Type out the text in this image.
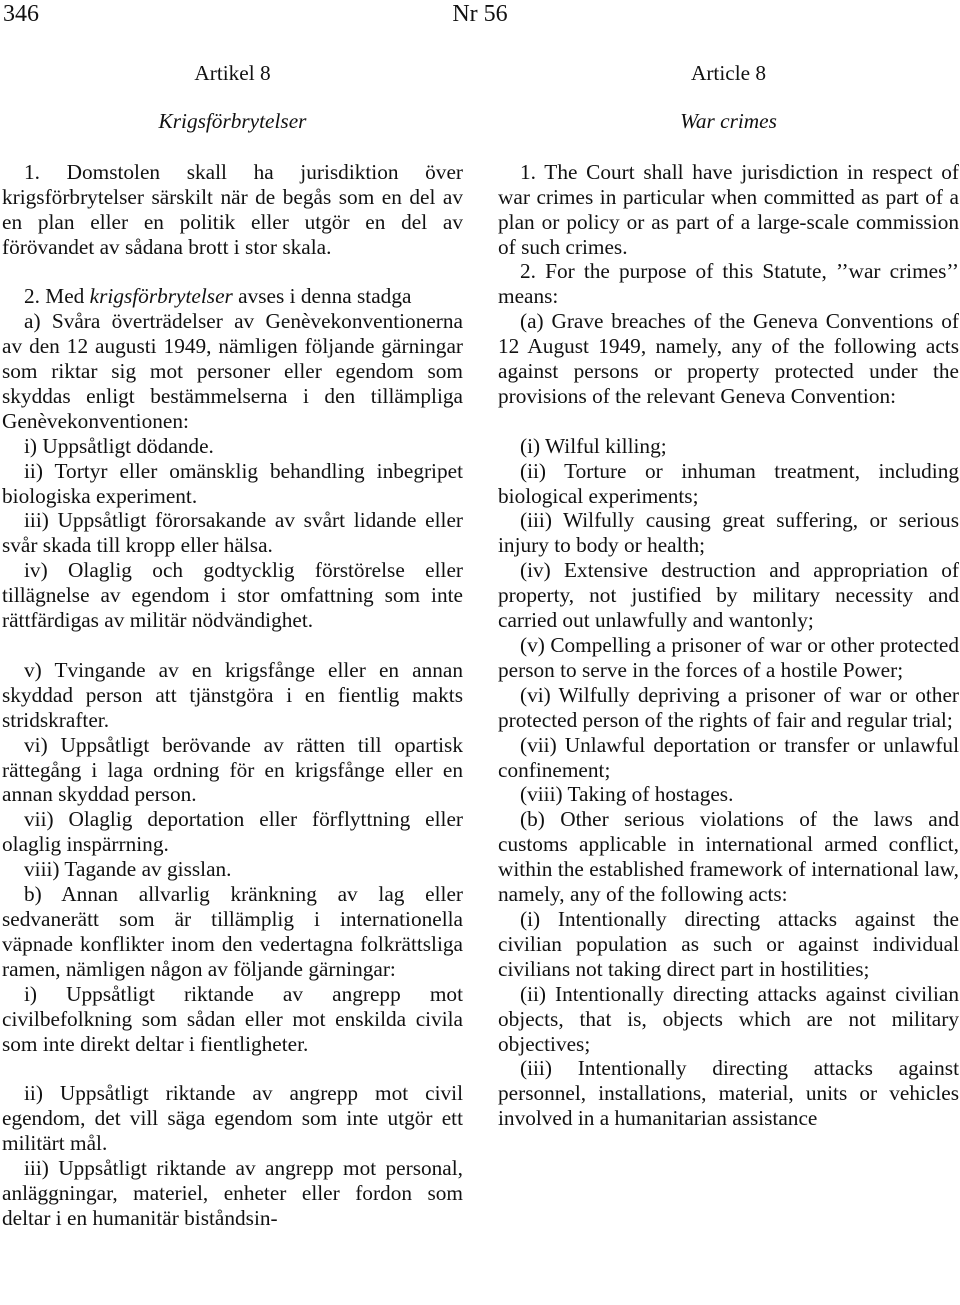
346	Nr 56

Artikel 8

Krigsförbrytelser

1. Domstolen skall ha jurisdiktion över krigsförbrytelser särskilt när de begås som en del av en plan eller en politik eller utgör en del av förövandet av sådana brott i stor skala.

2. Med krigsförbrytelser avses i denna stadga

a) Svåra överträdelser av Genèvekonventionerna av den 12 augusti 1949, nämligen följande gärningar som riktar sig mot personer eller egendom som skyddas enligt bestämmelserna i den tillämpliga Genèvekonventionen:

i) Uppsåtligt dödande.

ii) Tortyr eller omänsklig behandling inbegripet biologiska experiment.

iii) Uppsåtligt förorsakande av svårt lidande eller svår skada till kropp eller hälsa.

iv) Olaglig och godtycklig förstörelse eller tillägnelse av egendom i stor omfattning som inte rättfärdigas av militär nödvändighet.

v) Tvingande av en krigsfånge eller en annan skyddad person att tjänstgöra i en fientlig makts stridskrafter.

vi) Uppsåtligt berövande av rätten till opartisk rättegång i laga ordning för en krigsfånge eller en annan skyddad person.

vii) Olaglig deportation eller förflyttning eller olaglig inspärrning.

viii) Tagande av gisslan.

b) Annan allvarlig kränkning av lag eller sedvanerätt som är tillämplig i internationella väpnade konflikter inom den vedertagna folkrättsliga ramen, nämligen någon av följande gärningar:

i) Uppsåtligt riktande av angrepp mot civilbefolkning som sådan eller mot enskilda civila som inte direkt deltar i fientligheter.

ii) Uppsåtligt riktande av angrepp mot civil egendom, det vill säga egendom som inte utgör ett militärt mål.

iii) Uppsåtligt riktande av angrepp mot personal, anläggningar, materiel, enheter eller fordon som deltar i en humanitär biståndsin-

Article 8

War crimes

1. The Court shall have jurisdiction in respect of war crimes in particular when committed as part of a plan or policy or as part of a large-scale commission of such crimes.

2. For the purpose of this Statute, ’’war crimes’’ means:

(a) Grave breaches of the Geneva Conventions of 12 August 1949, namely, any of the following acts against persons or property protected under the provisions of the relevant Geneva Convention:

(i) Wilful killing;

(ii) Torture or inhuman treatment, including biological experiments;

(iii) Wilfully causing great suffering, or serious injury to body or health;

(iv) Extensive destruction and appropriation of property, not justified by military necessity and carried out unlawfully and wantonly;

(v) Compelling a prisoner of war or other protected person to serve in the forces of a hostile Power;

(vi) Wilfully depriving a prisoner of war or other protected person of the rights of fair and regular trial;

(vii) Unlawful deportation or transfer or unlawful confinement;

(viii) Taking of hostages.

(b) Other serious violations of the laws and customs applicable in international armed conflict, within the established framework of international law, namely, any of the following acts:

(i) Intentionally directing attacks against the civilian population as such or against individual civilians not taking direct part in hostilities;

(ii) Intentionally directing attacks against civilian objects, that is, objects which are not military objectives;

(iii) Intentionally directing attacks against personnel, installations, material, units or vehicles involved in a humanitarian assistance
